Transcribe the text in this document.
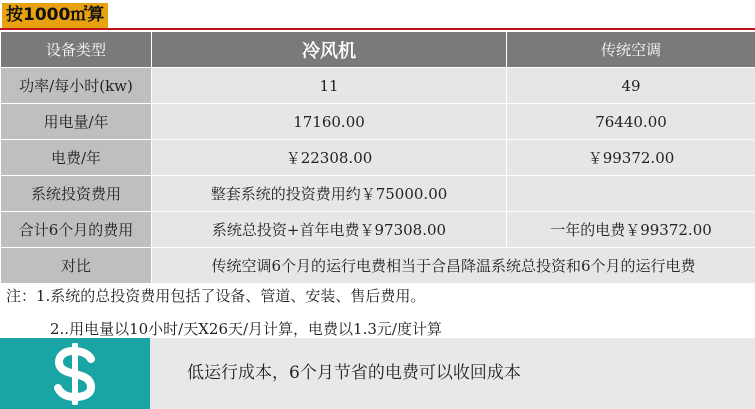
按1000㎡算
设备类型	冷风机	传统空调
功率/每小时(kw)	11	49
用电量/年	17160.00	76440.00
电费/年	￥22308.00	￥99372.00
系统投资费用	整套系统的投资费用约￥75000.00	
合计6个月的费用	系统总投资+首年电费￥97308.00	一年的电费￥99372.00
对比	传统空调6个月的运行电费相当于合昌降温系统总投资和6个月的运行电费	
注：1.系统的总投资费用包括了设备、管道、安装、售后费用。
2..用电量以10小时/天X26天/月计算，电费以1.3元/度计算
低运行成本，6个月节省的电费可以收回成本
